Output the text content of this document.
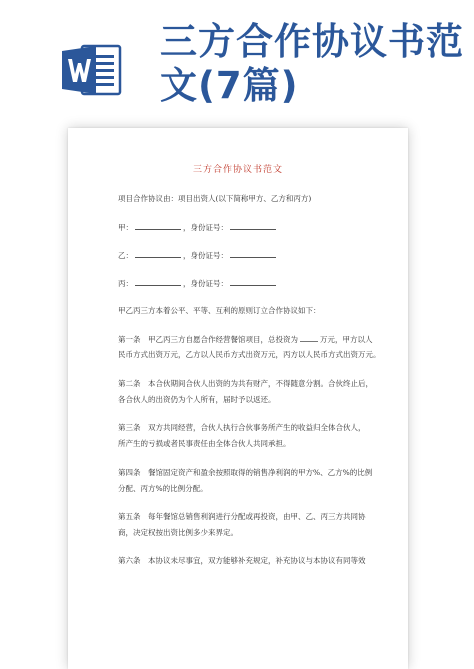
三方合作协议书范
文(7篇)
三方合作协议书范文
项目合作协议由：项目出资人(以下简称甲方、乙方和丙方)
甲：	，身份证号：
乙：	，身份证号：
丙：	，身份证号：
甲乙丙三方本着公平、平等、互利的原则订立合作协议如下：
第一条　甲乙丙三方自愿合作经营餐馆项目，总投资为	万元，甲方以人
民币方式出资万元，乙方以人民币方式出资万元，丙方以人民币方式出资万元。
第二条　本合伙期间合伙人出资的为共有财产，不得随意分割。合伙终止后，
各合伙人的出资仍为个人所有，届时予以返还。
第三条　双方共同经营，合伙人执行合伙事务所产生的收益归全体合伙人，
所产生的亏损或者民事责任由全体合伙人共同承担。
第四条　餐馆固定资产和盈余按照取得的销售净利润的甲方%、乙方%的比例
分配、丙方%的比例分配。
第五条　每年餐馆总销售利润进行分配或再投资，由甲、乙、丙三方共同协
商，决定权按出资比例多少来界定。
第六条　本协议未尽事宜，双方能够补充规定，补充协议与本协议有同等效
